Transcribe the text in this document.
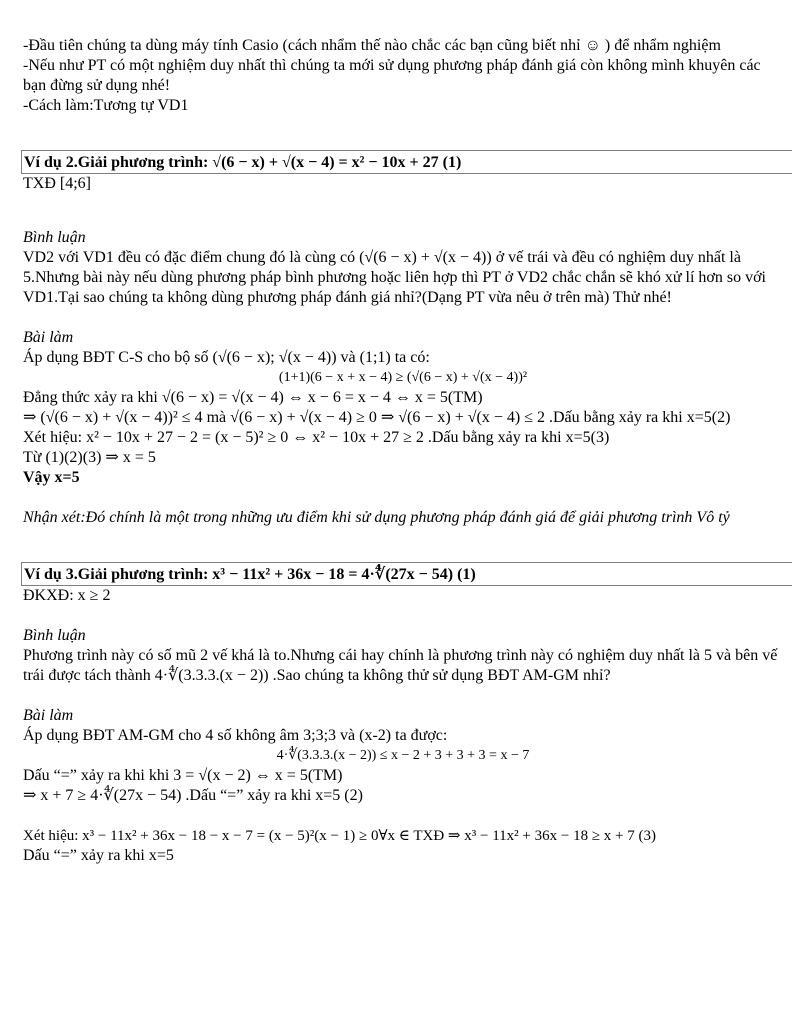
-Đầu tiên chúng ta dùng máy tính Casio (cách nhẩm thế nào chắc các bạn cũng biết nhỉ ☺ ) để nhẩm nghiệm

-Nếu như PT có một nghiệm duy nhất thì chúng ta mới sử dụng phương pháp đánh giá còn không mình khuyên các bạn đừng sử dụng nhé!

-Cách làm:Tương tự VD1

Ví dụ 2.Giải phương trình: √(6 − x) + √(x − 4) = x² − 10x + 27 (1)

TXĐ [4;6]

Bình luận

VD2 với VD1 đều có đặc điểm chung đó là cùng có (√(6 − x) + √(x − 4)) ở vế trái và đều có nghiệm duy nhất là 5.Nhưng bài này nếu dùng phương pháp bình phương hoặc liên hợp thì PT ở VD2 chắc chắn sẽ khó xử lí hơn so với VD1.Tại sao chúng ta không dùng phương pháp đánh giá nhỉ?(Dạng PT vừa nêu ở trên mà) Thử nhé!

Bài làm

Áp dụng BĐT C-S cho bộ số (√(6 − x); √(x − 4)) và (1;1) ta có:

(1+1)(6 − x + x − 4) ≥ (√(6 − x) + √(x − 4))²

Đẳng thức xảy ra khi √(6 − x) = √(x − 4) ⇔ x − 6 = x − 4 ⇔ x = 5(TM)

⇒ (√(6 − x) + √(x − 4))² ≤ 4 mà √(6 − x) + √(x − 4) ≥ 0 ⇒ √(6 − x) + √(x − 4) ≤ 2 .Dấu bằng xảy ra khi x=5(2)

Xét hiệu: x² − 10x + 27 − 2 = (x − 5)² ≥ 0 ⇔ x² − 10x + 27 ≥ 2 .Dấu bằng xảy ra khi x=5(3)

Từ (1)(2)(3) ⇒ x = 5

Vậy x=5

Nhận xét:Đó chính là một trong những ưu điểm khi sử dụng phương pháp đánh giá để giải phương trình Vô tỷ

Ví dụ 3.Giải phương trình: x³ − 11x² + 36x − 18 = 4·∜(27x − 54) (1)

ĐKXĐ: x ≥ 2

Bình luận

Phương trình này có số mũ 2 vế khá là to.Nhưng cái hay chính là phương trình này có nghiệm duy nhất là 5 và bên vế trái được tách thành 4·∜(3.3.3.(x − 2)) .Sao chúng ta không thử sử dụng BĐT AM-GM nhỉ?

Bài làm

Áp dụng BĐT AM-GM cho 4 số không âm 3;3;3 và (x-2) ta được:

4·∜(3.3.3.(x − 2)) ≤ x − 2 + 3 + 3 + 3 = x − 7

Dấu “=” xảy ra khi khi 3 = √(x − 2) ⇔ x = 5(TM)

⇒ x + 7 ≥ 4·∜(27x − 54) .Dấu “=” xảy ra khi x=5 (2)

Xét hiệu: x³ − 11x² + 36x − 18 − x − 7 = (x − 5)²(x − 1) ≥ 0∀x ∈ TXĐ ⇒ x³ − 11x² + 36x − 18 ≥ x + 7 (3)

Dấu “=” xảy ra khi x=5
